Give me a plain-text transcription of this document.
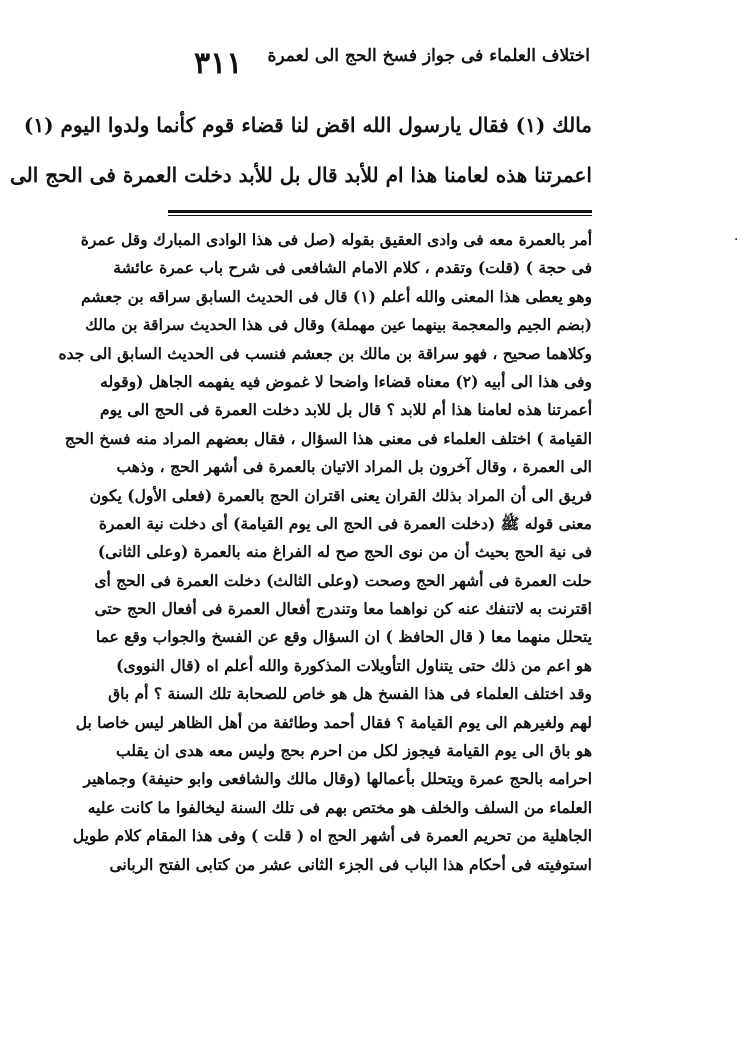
٣١١ اختلاف العلماء فى جواز فسخ الحج الى لعمرة
مالك (١) فقال يارسول الله اقض لنا قضاء قوم كأنما ولدوا اليوم (١)
اعمرتنا هذه لعامنا هذا ام للأبد قال بل للأبد دخلت العمرة فى الحج الى
أمر بالعمرة معه فى وادى العقيق بقوله (صل فى هذا الوادى المبارك وقل عمرة
فى حجة ) (قلت) وتقدم ، كلام الامام الشافعى فى شرح باب عمرة عائشة
وهو يعطى هذا المعنى والله أعلم (١) قال فى الحديث السابق سراقه بن جعشم
(بضم الجيم والمعجمة بينهما عين مهملة) وقال فى هذا الحديث سراقة بن مالك
وكلاهما صحيح ، فهو سراقة بن مالك بن جعشم فنسب فى الحديث السابق الى جده
وفى هذا الى أبيه (٢) معناه قضاءا واضحا لا غموض فيه يفهمه الجاهل (وقوله
أعمرتنا هذه لعامنا هذا أم للابد ؟ قال بل للابد دخلت العمرة فى الحج الى يوم
القيامة ) اختلف العلماء فى معنى هذا السؤال ، فقال بعضهم المراد منه فسخ الحج
الى العمرة ، وقال آخرون بل المراد الاتيان بالعمرة فى أشهر الحج ، وذهب
فريق الى أن المراد بذلك القران يعنى اقتران الحج بالعمرة (فعلى الأول) يكون
معنى قوله ﷺ (دخلت العمرة فى الحج الى يوم القيامة) أى دخلت نية العمرة
فى نية الحج بحيث أن من نوى الحج صح له الفراغ منه بالعمرة (وعلى الثانى)
حلت العمرة فى أشهر الحج وصحت (وعلى الثالث) دخلت العمرة فى الحج أى
اقترنت به لاتنفك عنه كن نواهما معا وتندرج أفعال العمرة فى أفعال الحج حتى
يتحلل منهما معا ( قال الحافظ ) ان السؤال وقع عن الفسخ والجواب وقع عما
هو اعم من ذلك حتى يتناول التأويلات المذكورة والله أعلم اه (قال النووى)
وقد اختلف العلماء فى هذا الفسخ هل هو خاص للصحابة تلك السنة ؟ أم باق
لهم ولغيرهم الى يوم القيامة ؟ فقال أحمد وطائفة من أهل الظاهر ليس خاصا بل
هو باق الى يوم القيامة فيجوز لكل من احرم بحج وليس معه هدى ان يقلب
احرامه بالحج عمرة ويتحلل بأعمالها (وقال مالك والشافعى وابو حنيفة) وجماهير
العلماء من السلف والخلف هو مختص بهم فى تلك السنة ليخالفوا ما كانت عليه
الجاهلية من تحريم العمرة فى أشهر الحج اه ( قلت ) وفى هذا المقام كلام طويل
استوفيته فى أحكام هذا الباب فى الجزء الثانى عشر من كتابى الفتح الربانى
·
